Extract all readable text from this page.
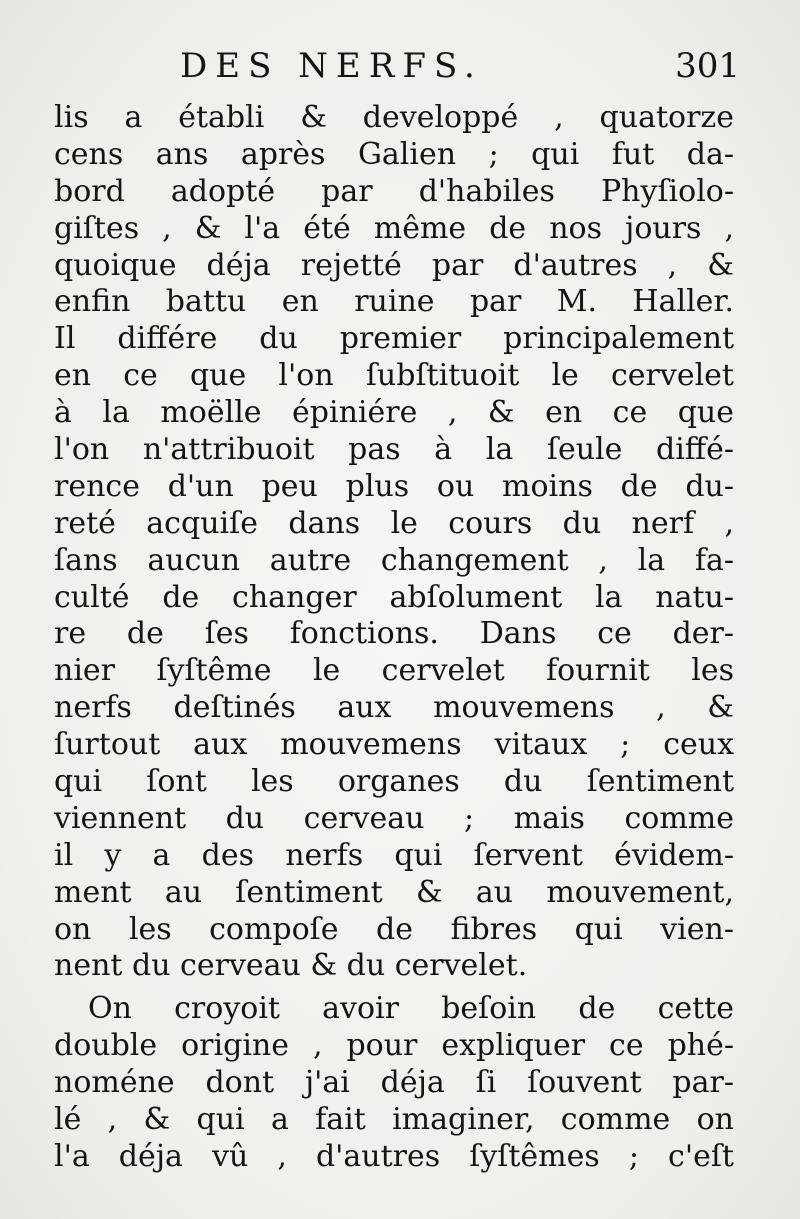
DES NERFS.	301
lis a établi & developpé , quatorze
cens ans après Galien ; qui fut da-
bord adopté par d'habiles Phyſiolo-
giſtes , & l'a été même de nos jours ,
quoique déja rejetté par d'autres , &
enfin battu en ruine par M. Haller.
Il différe du premier principalement
en ce que l'on ſubſtituoit le cervelet
à la moëlle épiniére , & en ce que
l'on n'attribuoit pas à la ſeule diffé-
rence d'un peu plus ou moins de du-
reté acquiſe dans le cours du nerf ,
ſans aucun autre changement , la fa-
culté de changer abſolument la natu-
re de ſes fonctions. Dans ce der-
nier ſyſtême le cervelet fournit les
nerfs deſtinés aux mouvemens , &
ſurtout aux mouvemens vitaux ; ceux
qui ſont les organes du ſentiment
viennent du cerveau ; mais comme
il y a des nerfs qui ſervent évidem-
ment au ſentiment & au mouvement,
on les compoſe de fibres qui vien-
nent du cerveau & du cervelet.
On croyoit avoir beſoin de cette
double origine , pour expliquer ce phé-
noméne dont j'ai déja ſi ſouvent par-
lé , & qui a fait imaginer, comme on
l'a déja vû , d'autres ſyſtêmes ; c'eſt
